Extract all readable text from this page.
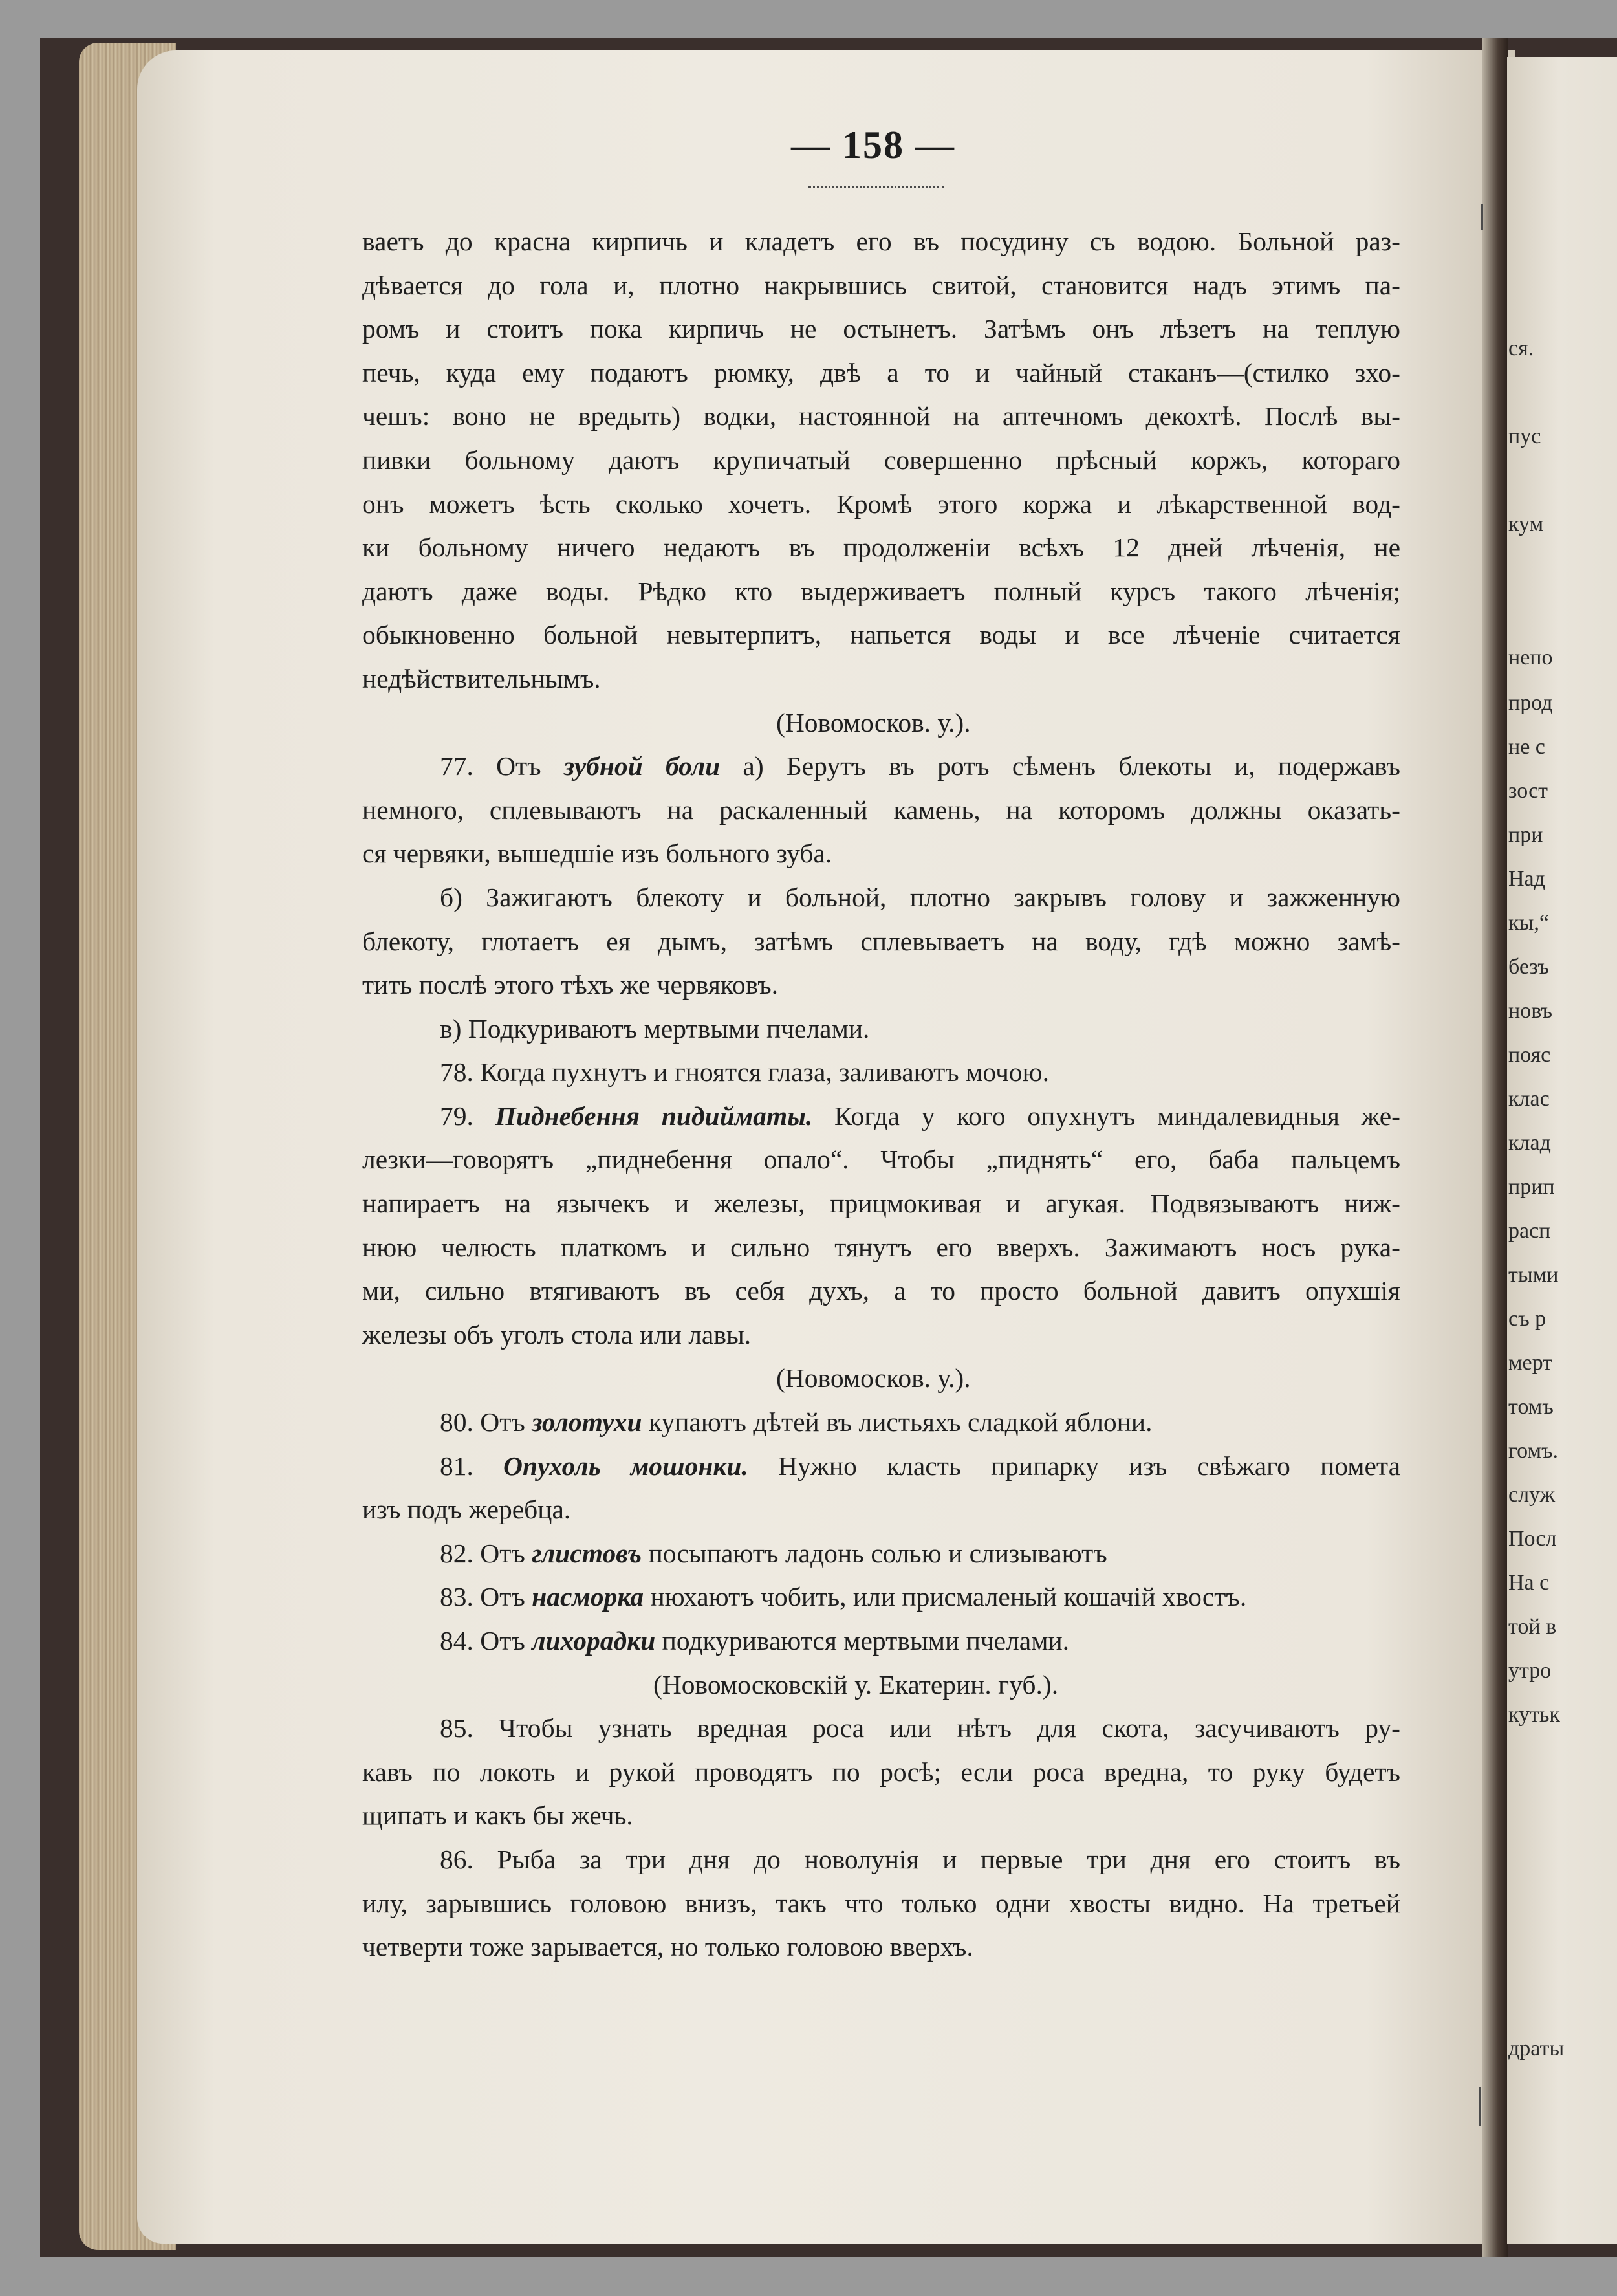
ся.
пус
кум
непо
прод
не с
зост
при
Над
кы,“
безъ
новъ
пояс
клас
клад
прип
расп
тыми
съ р
мерт
томъ
гомъ.
служ
Посл
На с
той в
утро
кутьк
драты
— 158 —
ваетъ до красна кирпичь и кладетъ его въ посудину съ водою. Больной раз-
дѣвается до гола и, плотно накрывшись свитой, становится надъ этимъ па-
ромъ и стоитъ пока кирпичь не остынетъ. Затѣмъ онъ лѣзетъ на теплую
печь, куда ему подаютъ рюмку, двѣ а то и чайный стаканъ—(стилко зхо-
чешъ: воно не вредыть) водки, настоянной на аптечномъ декохтѣ. Послѣ вы-
пивки больному даютъ крупичатый совершенно прѣсный коржъ, котораго
онъ можетъ ѣсть сколько хочетъ. Кромѣ этого коржа и лѣкарственной вод-
ки больному ничего недаютъ въ продолженіи всѣхъ 12 дней лѣченія, не
даютъ даже воды. Рѣдко кто выдерживаетъ полный курсъ такого лѣченія;
обыкновенно больной невытерпитъ, напьется воды и все лѣченіе считается
недѣйствительнымъ.
(Новомосков. у.).
77. Отъ зубной боли а) Берутъ въ ротъ сѣменъ блекоты и, подержавъ
немного, сплевываютъ на раскаленный камень, на которомъ должны оказать-
ся червяки, вышедшіе изъ больного зуба.
б) Зажигаютъ блекоту и больной, плотно закрывъ голову и зажженную
блекоту, глотаетъ ея дымъ, затѣмъ сплевываетъ на воду, гдѣ можно замѣ-
тить послѣ этого тѣхъ же червяковъ.
в) Подкуриваютъ мертвыми пчелами.
78. Когда пухнутъ и гноятся глаза, заливаютъ мочою.
79. Пиднебення пидийматы. Когда у кого опухнутъ миндалевидныя же-
лезки—говорятъ „пиднебення опало“. Чтобы „пиднять“ его, баба пальцемъ
напираетъ на язычекъ и железы, прицмокивая и агукая. Подвязываютъ ниж-
нюю челюсть платкомъ и сильно тянутъ его вверхъ. Зажимаютъ носъ рука-
ми, сильно втягиваютъ въ себя духъ, а то просто больной давитъ опухшія
железы объ уголъ стола или лавы.
(Новомосков. у.).
80. Отъ золотухи купаютъ дѣтей въ листьяхъ сладкой яблони.
81. Опухоль мошонки. Нужно класть припарку изъ свѣжаго помета
изъ подъ жеребца.
82. Отъ глистовъ посыпаютъ ладонь солью и слизываютъ
83. Отъ насморка нюхаютъ чобить, или присмаленый кошачій хвостъ.
84. Отъ лихорадки подкуриваются мертвыми пчелами.
(Новомосковскій у. Екатерин. губ.).
85. Чтобы узнать вредная роса или нѣтъ для скота, засучиваютъ ру-
кавъ по локоть и рукой проводятъ по росѣ; если роса вредна, то руку будетъ
щипать и какъ бы жечь.
86. Рыба за три дня до новолунія и первые три дня его стоитъ въ
илу, зарывшись головою внизъ, такъ что только одни хвосты видно. На третьей
четверти тоже зарывается, но только головою вверхъ.
